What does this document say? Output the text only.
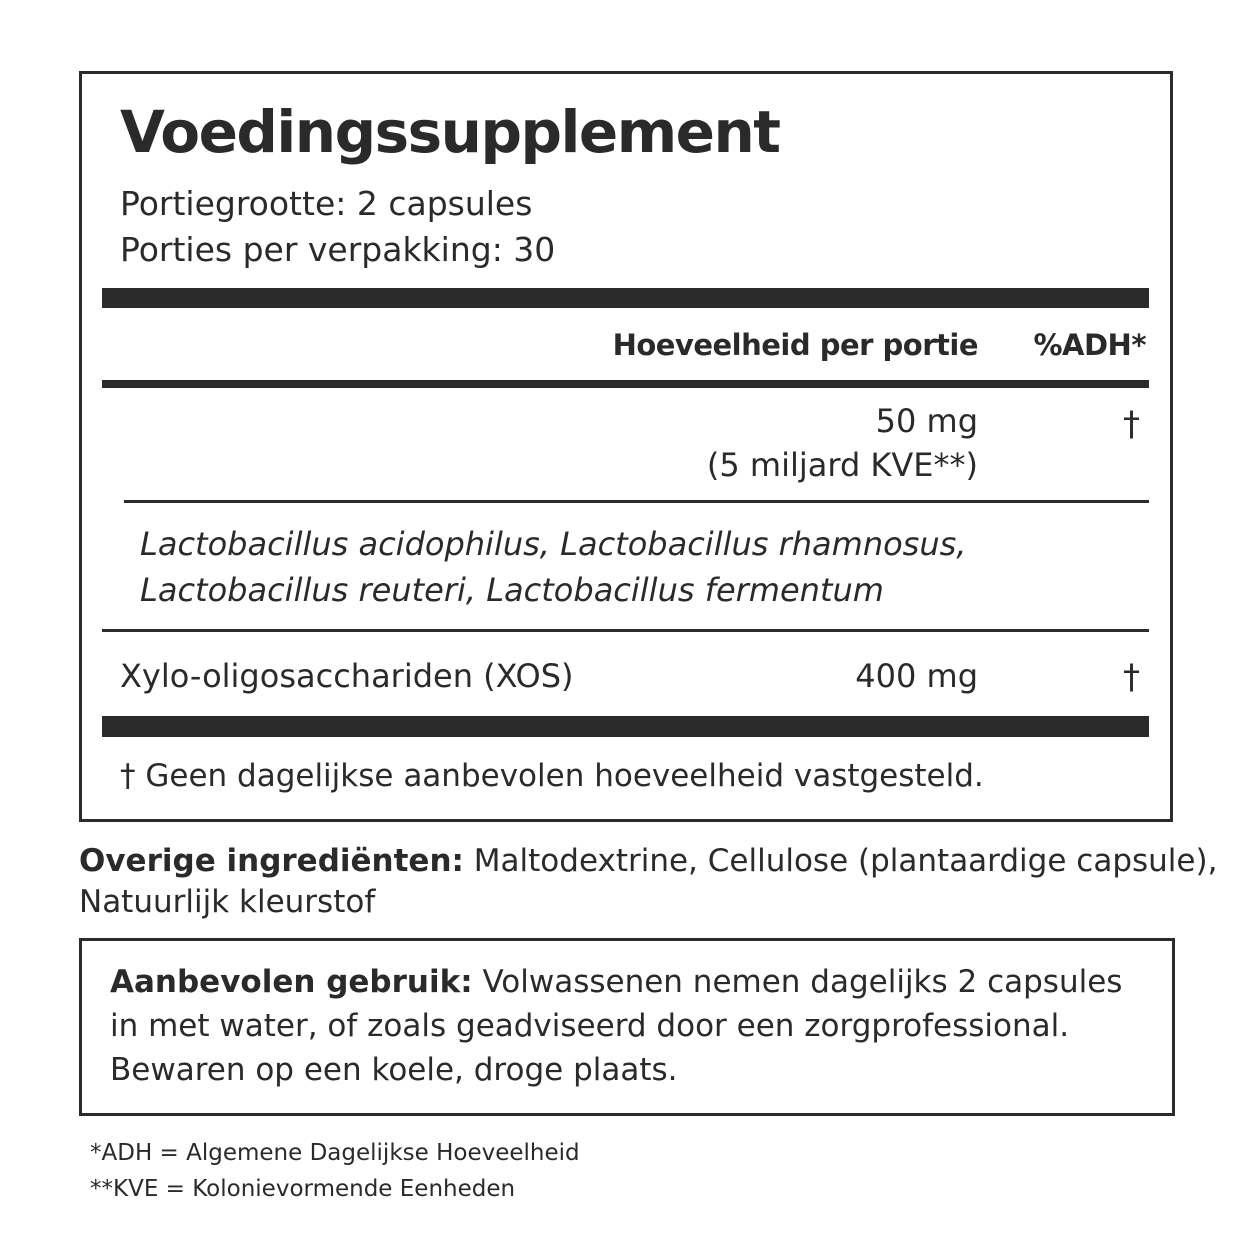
Voedingssupplement
Portiegrootte: 2 capsules
Porties per verpakking: 30
Hoeveelheid per portie %ADH*
50 mg
(5 miljard KVE**)
†
Lactobacillus acidophilus, Lactobacillus rhamnosus,
Lactobacillus reuteri, Lactobacillus fermentum
Xylo-oligosacchariden (XOS)	400 mg	†
† Geen dagelijkse aanbevolen hoeveelheid vastgesteld.
Overige ingrediënten: Maltodextrine, Cellulose (plantaardige capsule),
Natuurlijk kleurstof
Aanbevolen gebruik: Volwassenen nemen dagelijks 2 capsules
in met water, of zoals geadviseerd door een zorgprofessional.
Bewaren op een koele, droge plaats.
*ADH = Algemene Dagelijkse Hoeveelheid
**KVE = Kolonievormende Eenheden
